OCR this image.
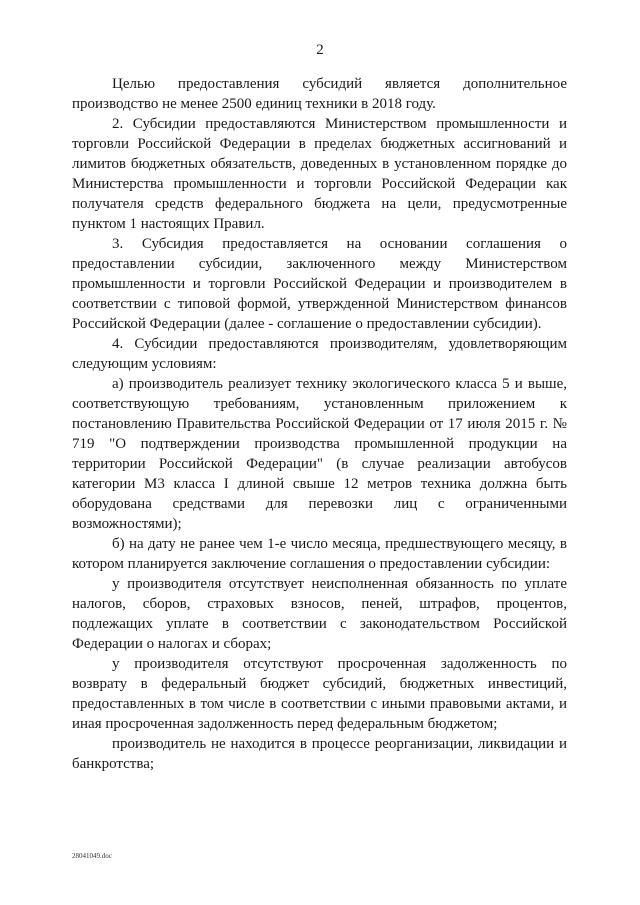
2

Целью предоставления субсидий является дополнительное производство не менее 2500 единиц техники в 2018 году.

2. Субсидии предоставляются Министерством промышленности и торговли Российской Федерации в пределах бюджетных ассигнований и лимитов бюджетных обязательств, доведенных в установленном порядке до Министерства промышленности и торговли Российской Федерации как получателя средств федерального бюджета на цели, предусмотренные пунктом 1 настоящих Правил.

3. Субсидия предоставляется на основании соглашения о предоставлении субсидии, заключенного между Министерством промышленности и торговли Российской Федерации и производителем в соответствии с типовой формой, утвержденной Министерством финансов Российской Федерации (далее - соглашение о предоставлении субсидии).

4. Субсидии предоставляются производителям, удовлетворяющим следующим условиям:

а) производитель реализует технику экологического класса 5 и выше, соответствующую требованиям, установленным приложением к постановлению Правительства Российской Федерации от 17 июля 2015 г. № 719 "О подтверждении производства промышленной продукции на территории Российской Федерации" (в случае реализации автобусов категории М3 класса I длиной свыше 12 метров техника должна быть оборудована средствами для перевозки лиц с ограниченными возможностями);

б) на дату не ранее чем 1-е число месяца, предшествующего месяцу, в котором планируется заключение соглашения о предоставлении субсидии:

у производителя отсутствует неисполненная обязанность по уплате налогов, сборов, страховых взносов, пеней, штрафов, процентов, подлежащих уплате в соответствии с законодательством Российской Федерации о налогах и сборах;

у производителя отсутствуют просроченная задолженность по возврату в федеральный бюджет субсидий, бюджетных инвестиций, предоставленных в том числе в соответствии с иными правовыми актами, и иная просроченная задолженность перед федеральным бюджетом;

производитель не находится в процессе реорганизации, ликвидации и банкротства;

28041049.doc
